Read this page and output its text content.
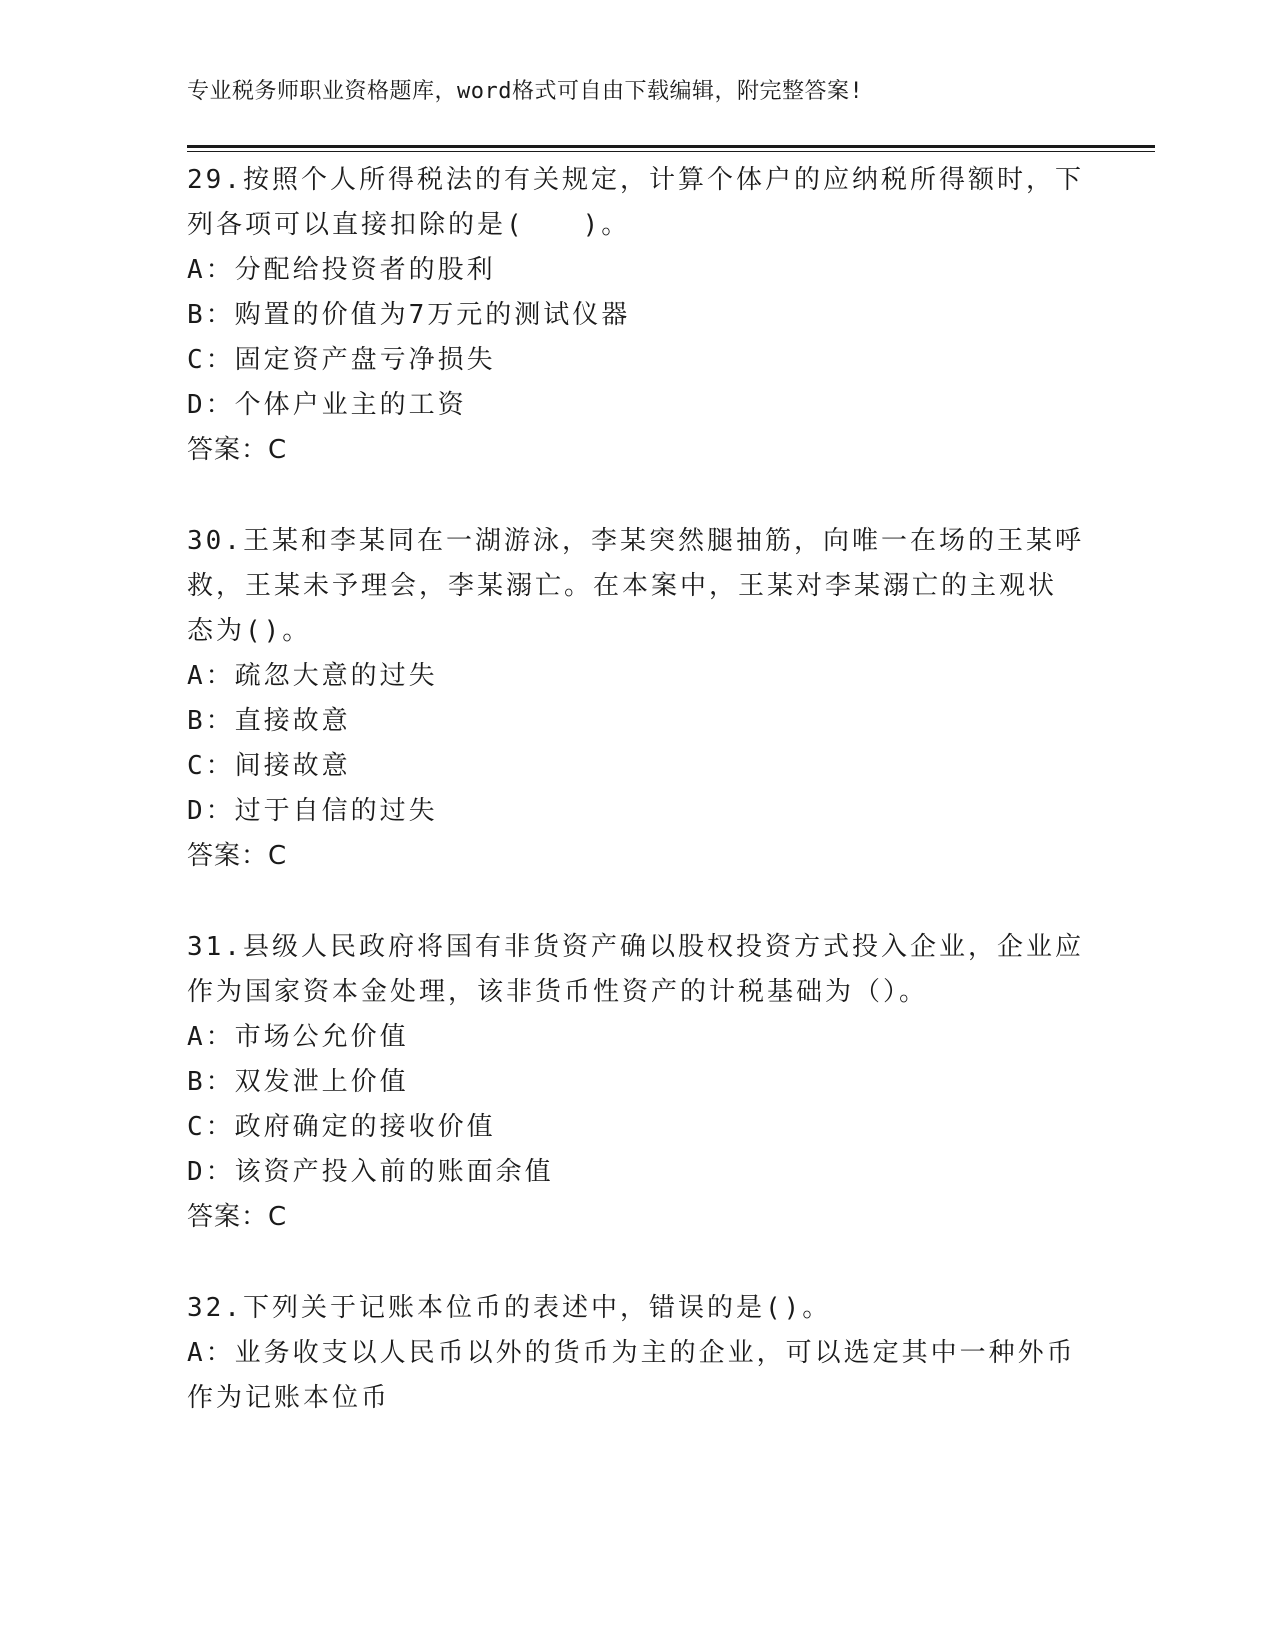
专业税务师职业资格题库，word格式可自由下载编辑，附完整答案!
29.按照个人所得税法的有关规定，计算个体户的应纳税所得额时，下
列各项可以直接扣除的是(　　)。
A：分配给投资者的股利
B：购置的价值为7万元的测试仪器
C：固定资产盘亏净损失
D：个体户业主的工资
答案：C
30.王某和李某同在一湖游泳，李某突然腿抽筋，向唯一在场的王某呼
救，王某未予理会，李某溺亡。在本案中，王某对李某溺亡的主观状
态为()。
A：疏忽大意的过失
B：直接故意
C：间接故意
D：过于自信的过失
答案：C
31.县级人民政府将国有非货资产确以股权投资方式投入企业，企业应
作为国家资本金处理，该非货币性资产的计税基础为（）。
A：市场公允价值
B：双发泄上价值
C：政府确定的接收价值
D：该资产投入前的账面余值
答案：C
32.下列关于记账本位币的表述中，错误的是()。
A：业务收支以人民币以外的货币为主的企业，可以选定其中一种外币
作为记账本位币
